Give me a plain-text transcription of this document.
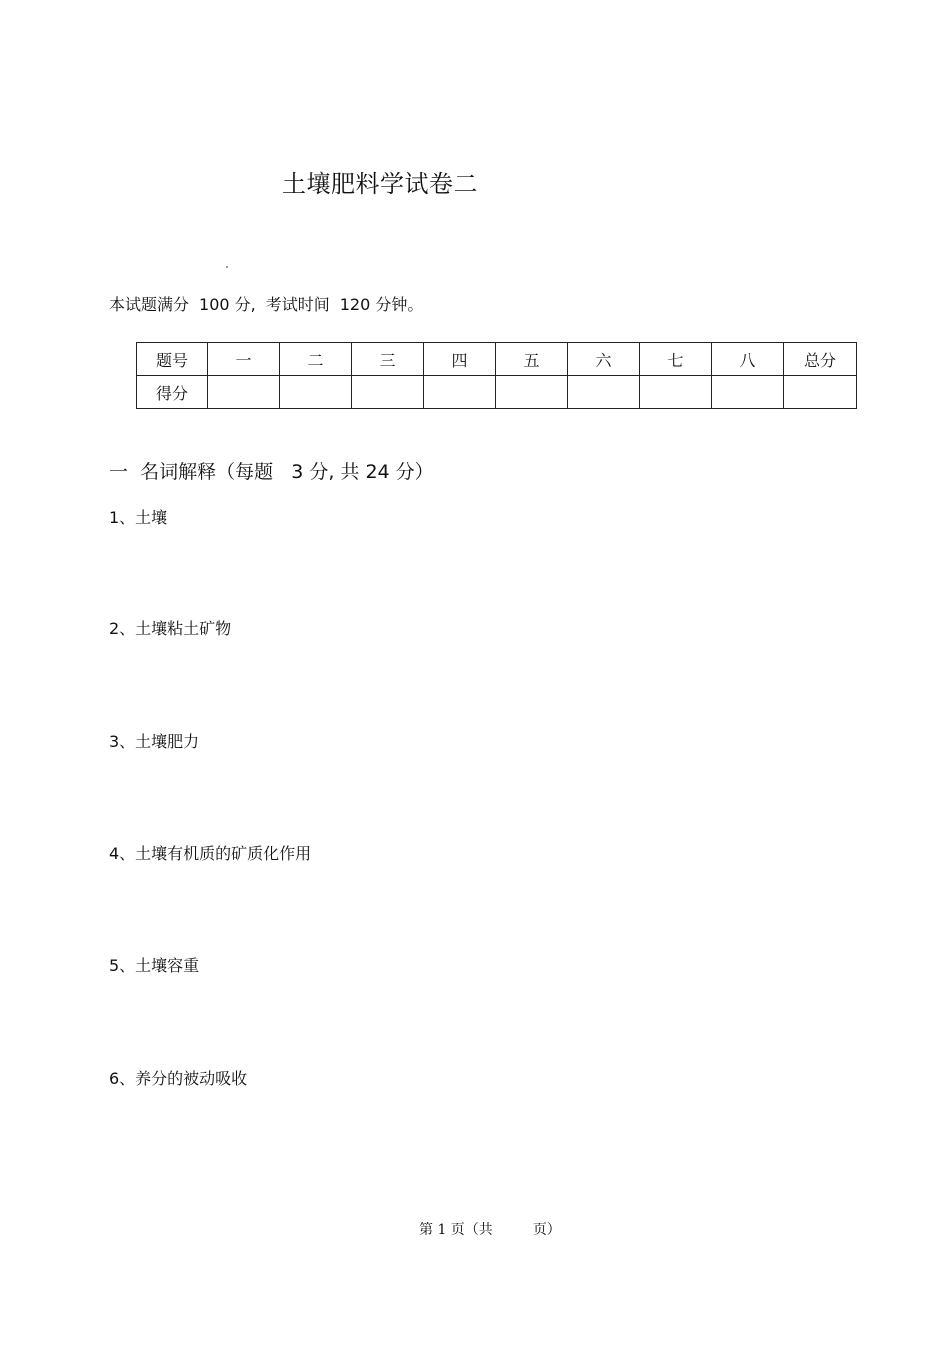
土壤肥料学试卷二
本试题满分 100 分, 考试时间 120 分钟。
题号	一	二	三	四	五	六	七	八	总分
得分									
一  名词解释（每题   3 分, 共 24 分）
1、土壤
2、土壤粘土矿物
3、土壤肥力
4、土壤有机质的矿质化作用
5、土壤容重
6、养分的被动吸收
第 1 页（共	页）
